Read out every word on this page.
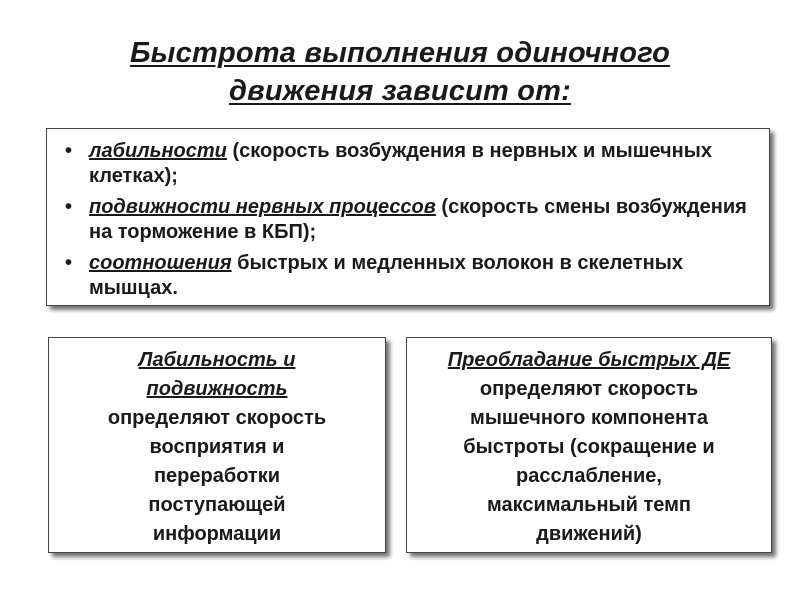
Быстрота выполнения одиночного
движения зависит от:
• лабильности (скорость возбуждения в нервных и мышечных клетках);
• подвижности нервных процессов (скорость смены возбуждения на торможение в КБП);
• соотношения быстрых и медленных волокон в скелетных мышцах.
Лабильность и
подвижность
определяют скорость
восприятия и
переработки
поступающей
информации
Преобладание быстрых ДЕ
определяют скорость
мышечного компонента
быстроты (сокращение и
расслабление,
максимальный темп
движений)
